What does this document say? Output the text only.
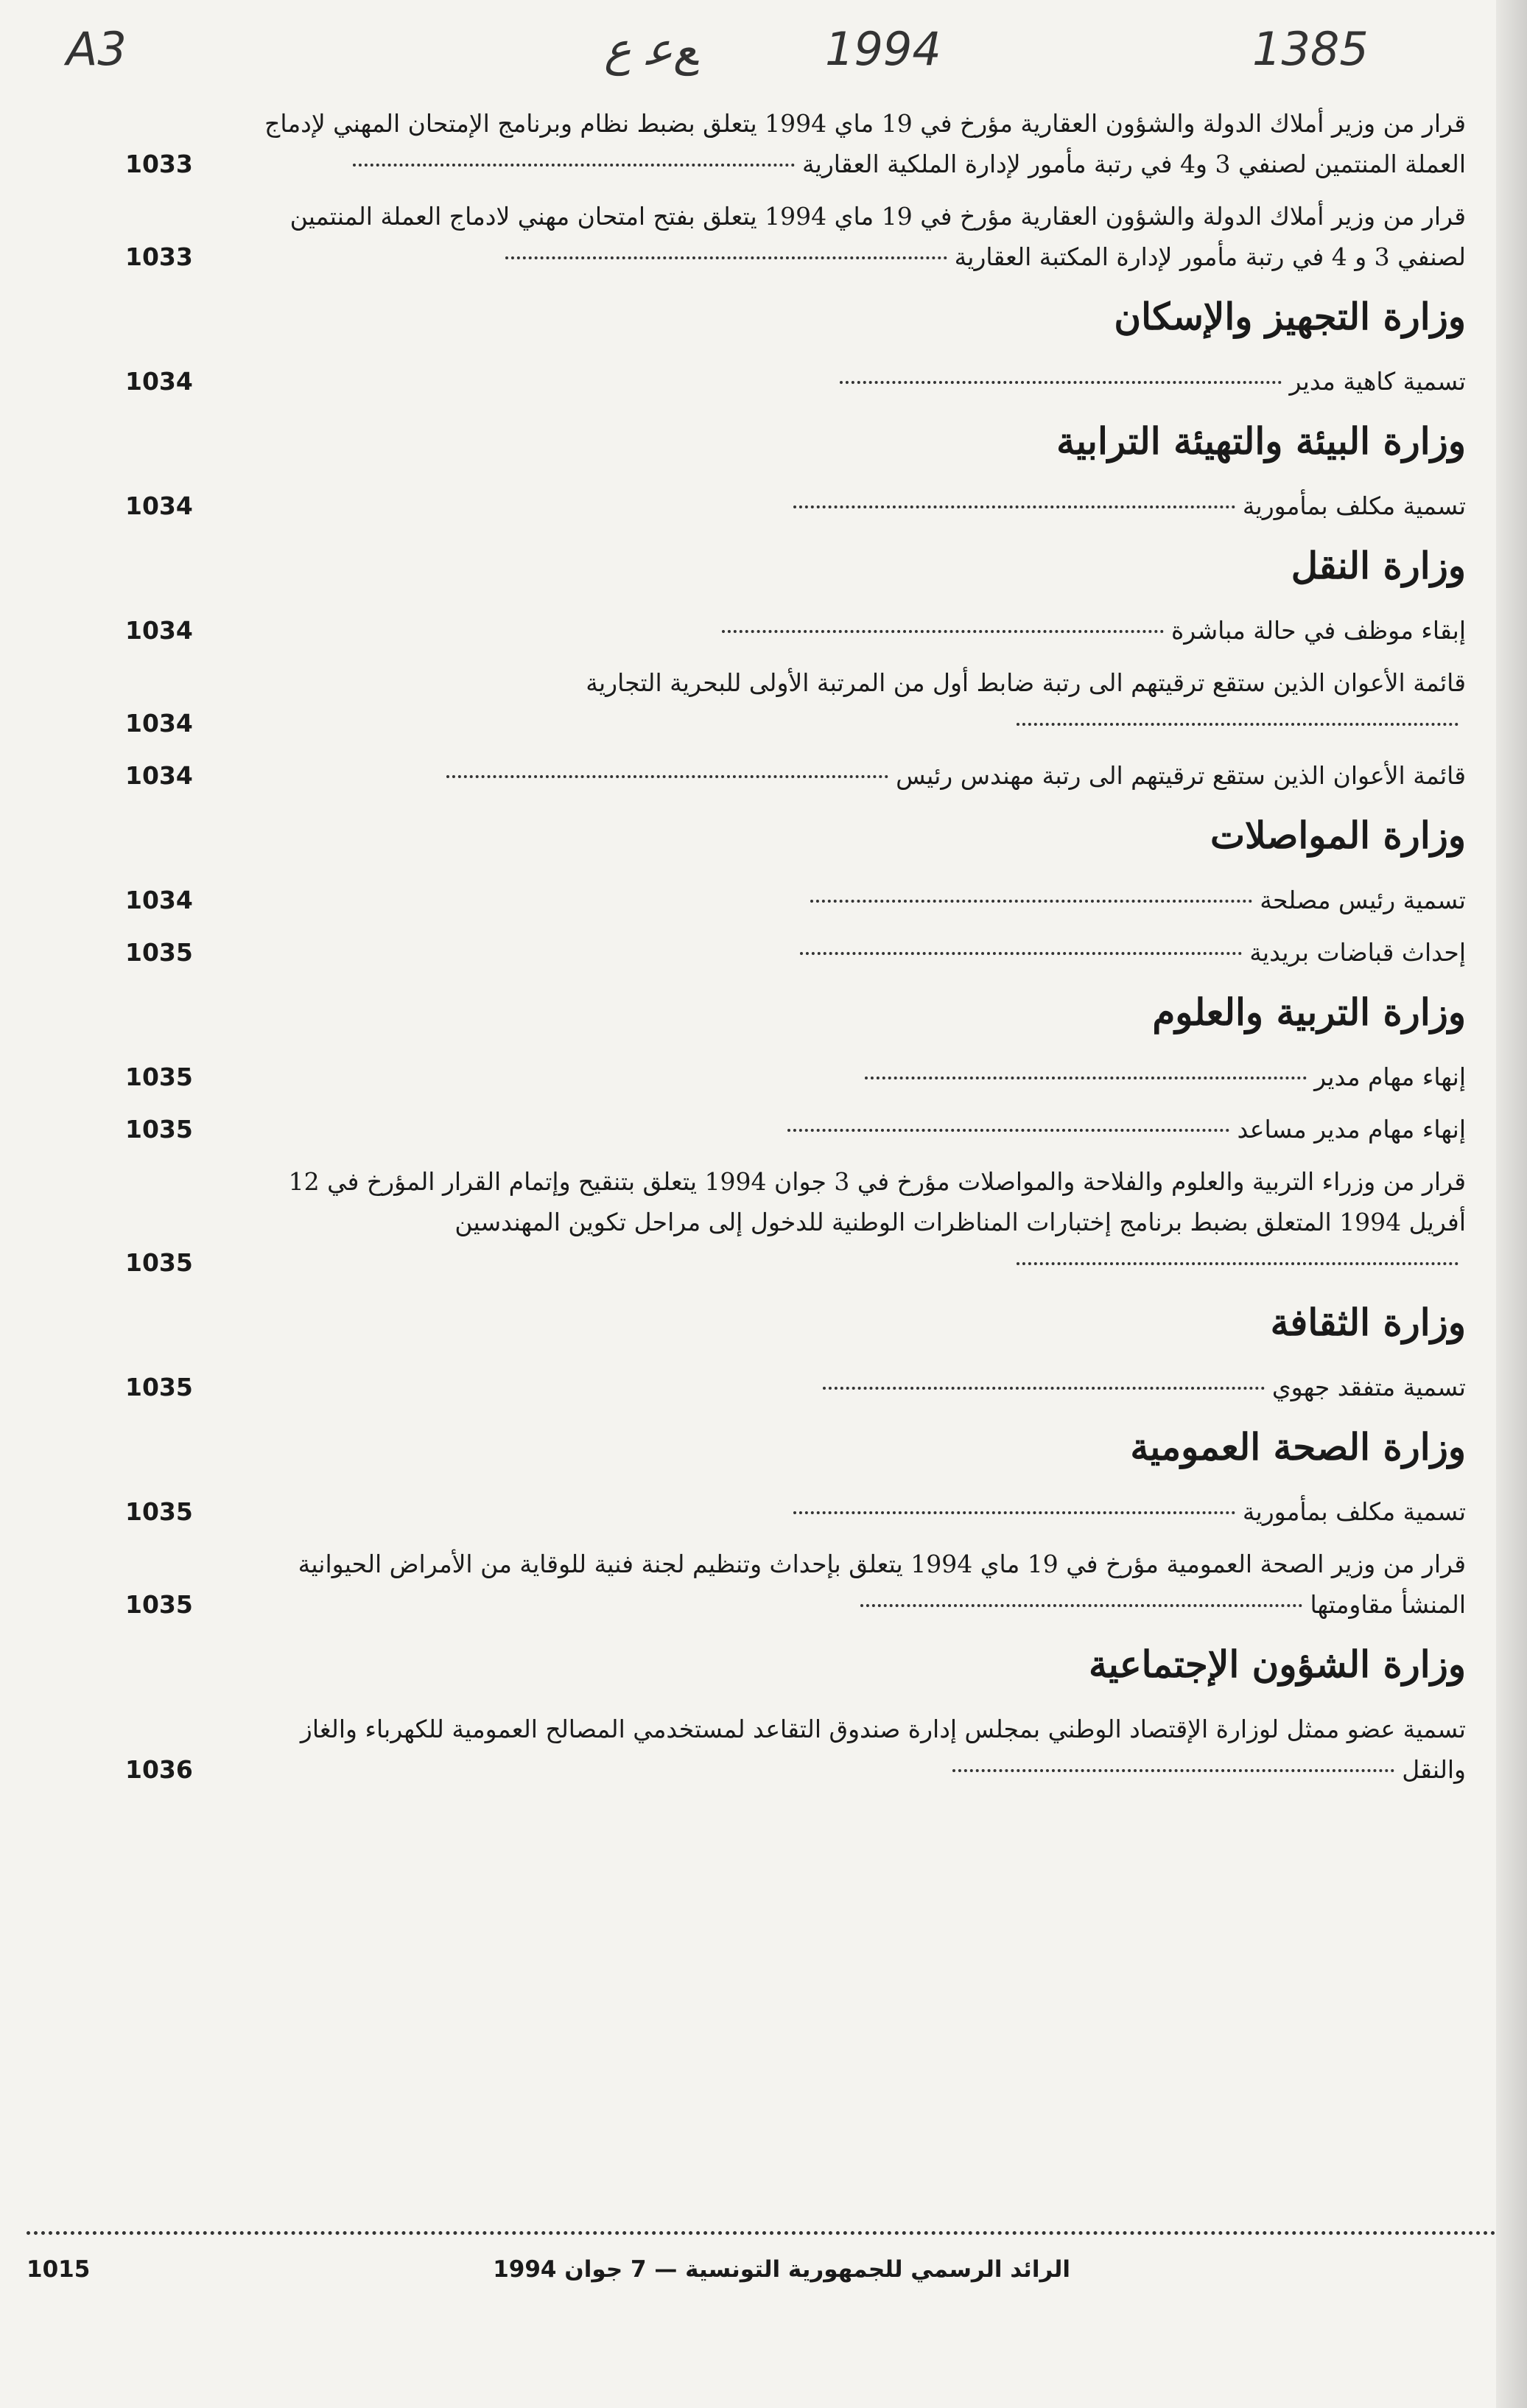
A3	ﻊﻋ ع	1994	1385
قرار من وزير أملاك الدولة والشؤون العقارية مؤرخ في 19 ماي 1994 يتعلق بضبط نظام وبرنامج الإمتحان المهني لإدماج العملة المنتمين لصنفي 3 و4 في رتبة مأمور لإدارة الملكية العقارية
1033
قرار من وزير أملاك الدولة والشؤون العقارية مؤرخ في 19 ماي 1994 يتعلق بفتح امتحان مهني لادماج العملة المنتمين لصنفي 3 و 4 في رتبة مأمور لإدارة المكتبة العقارية
1033
وزارة التجهيز والإسكان
تسمية كاهية مدير
1034
وزارة البيئة والتهيئة الترابية
تسمية مكلف بمأمورية
1034
وزارة النقل
إبقاء موظف في حالة مباشرة
1034
قائمة الأعوان الذين ستقع ترقيتهم الى رتبة ضابط أول من المرتبة الأولى للبحرية التجارية
1034
قائمة الأعوان الذين ستقع ترقيتهم الى رتبة مهندس رئيس
1034
وزارة المواصلات
تسمية رئيس مصلحة
1034
إحداث قباضات بريدية
1035
وزارة التربية والعلوم
إنهاء مهام مدير
1035
إنهاء مهام مدير مساعد
1035
قرار من وزراء التربية والعلوم والفلاحة والمواصلات مؤرخ في 3 جوان 1994 يتعلق بتنقيح وإتمام القرار المؤرخ في 12 أفريل 1994 المتعلق بضبط برنامج إختبارات المناظرات الوطنية للدخول إلى مراحل تكوين المهندسين
1035
وزارة الثقافة
تسمية متفقد جهوي
1035
وزارة الصحة العمومية
تسمية مكلف بمأمورية
1035
قرار من وزير الصحة العمومية مؤرخ في 19 ماي 1994 يتعلق بإحداث وتنظيم لجنة فنية للوقاية من الأمراض الحيوانية المنشأ مقاومتها
1035
وزارة الشؤون الإجتماعية
تسمية عضو ممثل لوزارة الإقتصاد الوطني بمجلس إدارة صندوق التقاعد لمستخدمي المصالح العمومية للكهرباء والغاز والنقل
1036
1015	الرائد الرسمي للجمهورية التونسية — 7 جوان 1994
